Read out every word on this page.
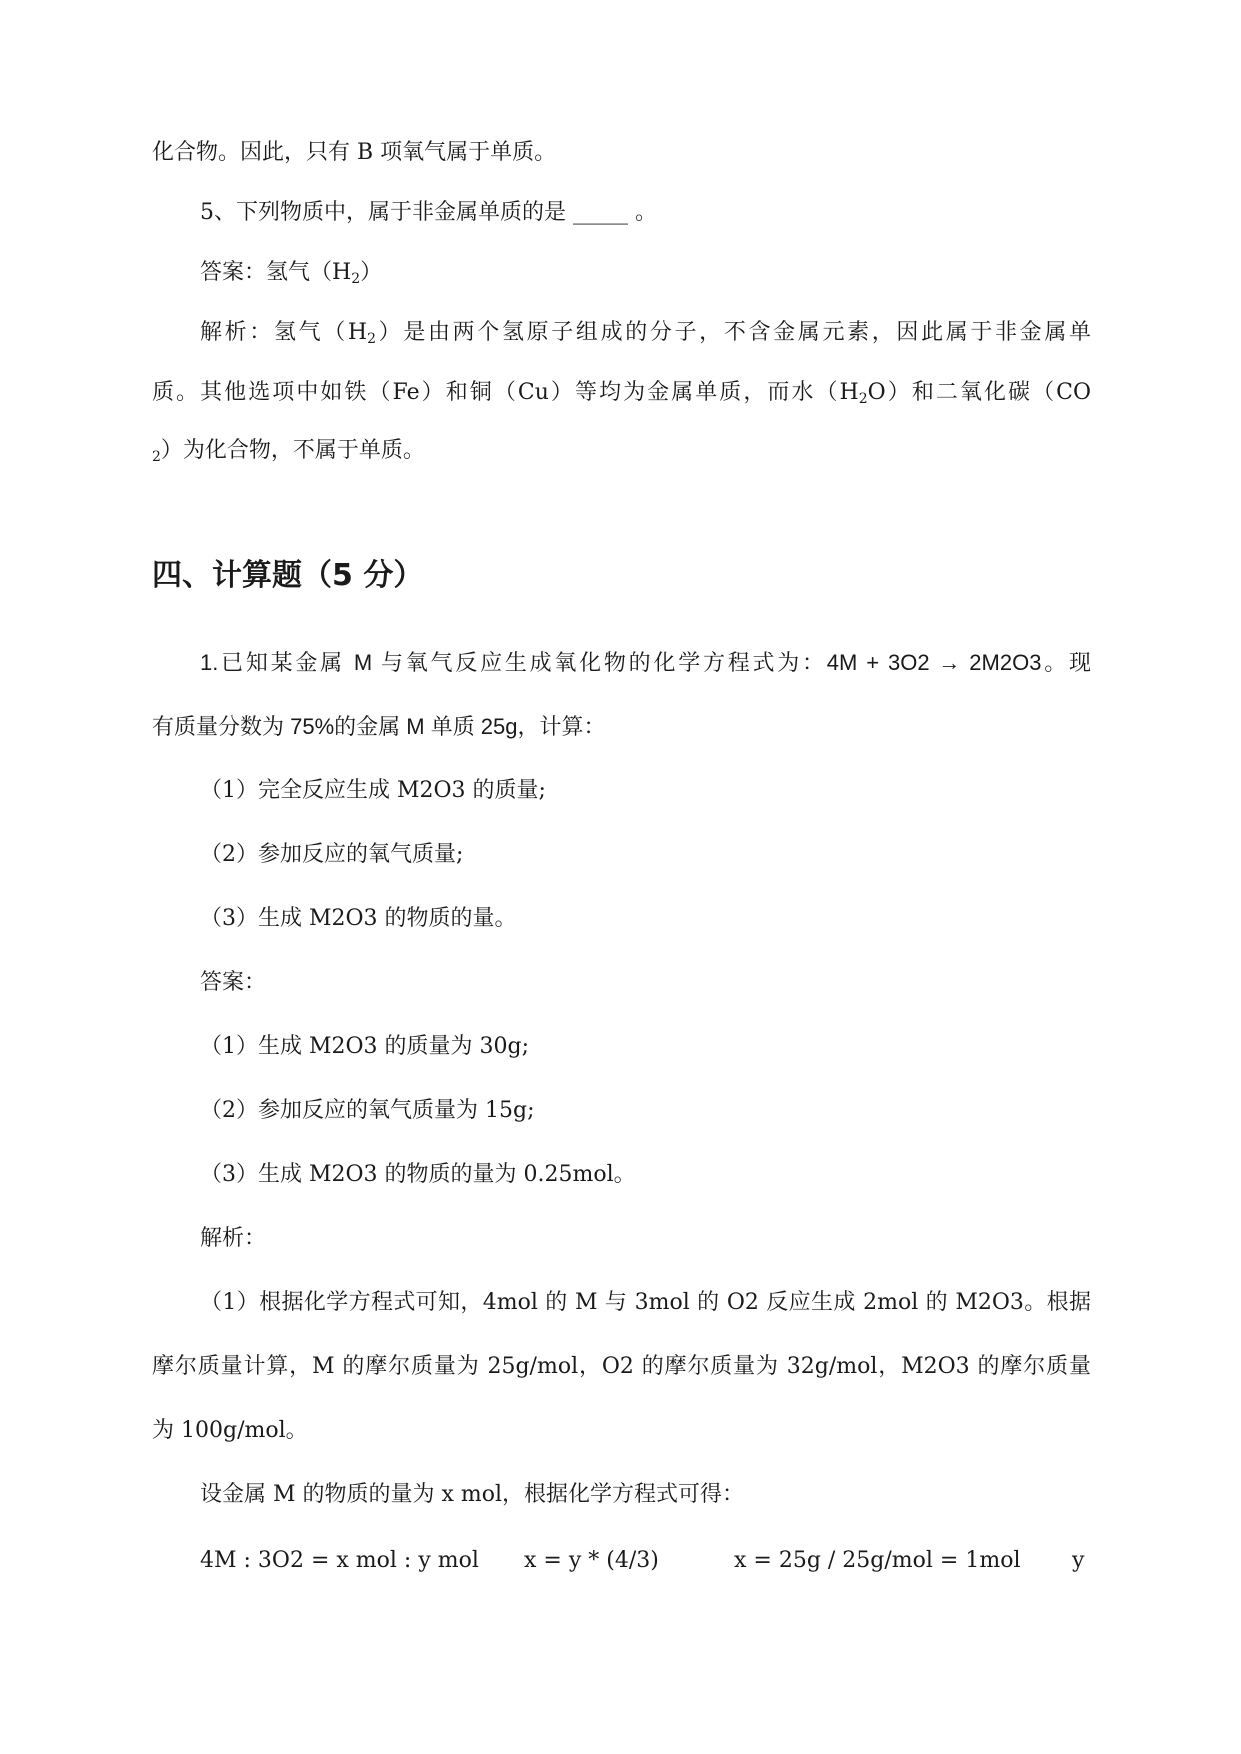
化合物。因此，只有 B 项氧气属于单质。
5、下列物质中，属于非金属单质的是 _____ 。
答案：氢气$(H_2)$
解析：氢气$(H_2)$是由两个氢原子组成的分子，不含金属元素，因此属于非金属单
质。其他选项中如铁（Fe）和铜（Cu）等均为金属单质，而水$(H_2O)$和二氧化碳（CO
$_2$）为化合物，不属于单质。
四、计算题（5 分）
1.已知某金属 M 与氧气反应生成氧化物的化学方程式为：4M + 3O2 → 2M2O3。现
有质量分数为 75%的金属 M 单质 25g，计算：
（1）完全反应生成 M2O3 的质量;
（2）参加反应的氧气质量;
（3）生成 M2O3 的物质的量。
答案：
（1）生成 M2O3 的质量为 30g;
（2）参加反应的氧气质量为 15g;
（3）生成 M2O3 的物质的量为 0.25mol。
解析：
（1）根据化学方程式可知，4mol 的 M 与 3mol 的 O2 反应生成 2mol 的 M2O3。根据
摩尔质量计算，M 的摩尔质量为 25g/mol，O2 的摩尔质量为 32g/mol，M2O3 的摩尔质量
为 100g/mol。
设金属 M 的物质的量为 x mol，根据化学方程式可得：
4M : 3O2 = x mol : y mol x = y * (4/3)	x = 25g / 25g/mol = 1mol y
